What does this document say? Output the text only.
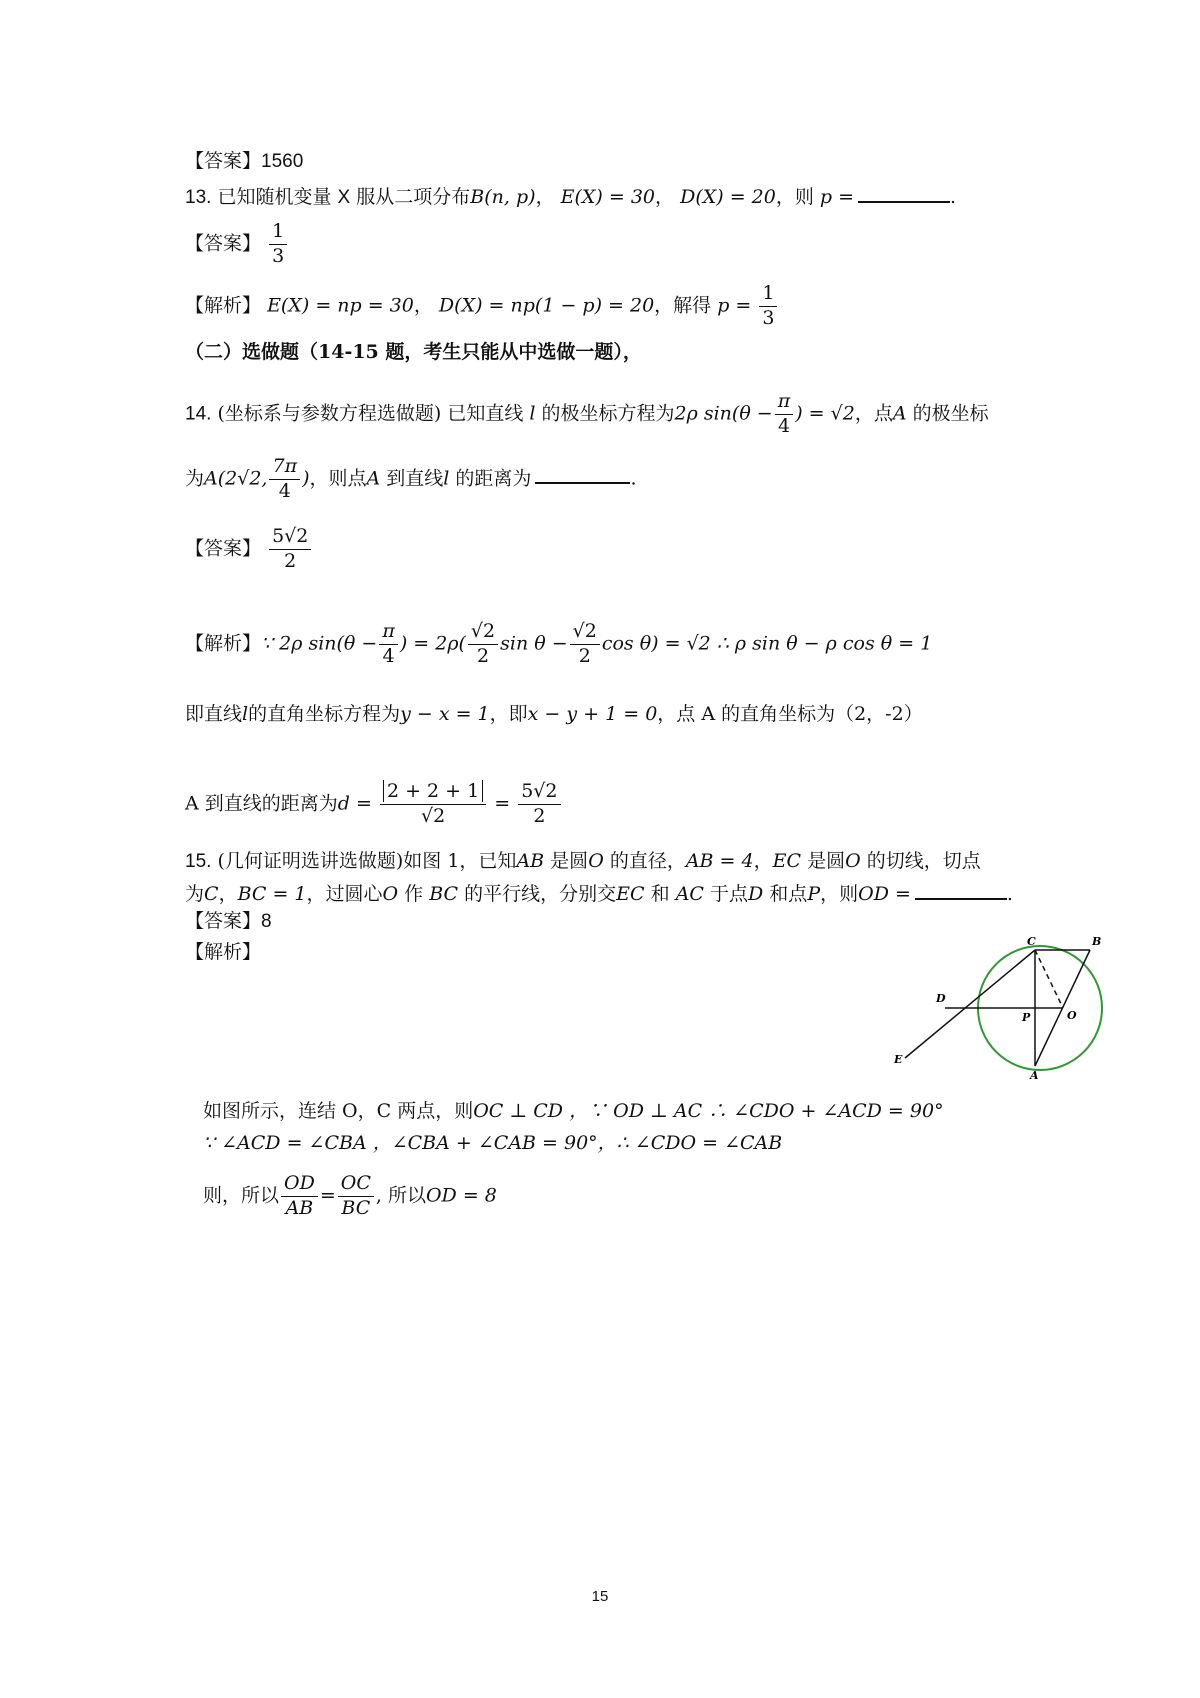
【答案】1560
13. 已知随机变量 X 服从二项分布B(n, p)， E(X) = 30， D(X) = 20，则 p =	.
【答案】 $\frac{1}{3}$
【解析】 E(X) = np = 30， D(X) = np(1 − p) = 20，解得 $p = \frac{1}{3}$
（二）选做题（14-15 题，考生只能从中选做一题），
14. (坐标系与参数方程选做题) 已知直线 l 的极坐标方程为2ρ $\sin(\theta - \frac{\pi}{4}$ ) = √2，点A 的极坐标
为A(2√2, $\frac{7\pi}{4}$ )，则点A 到直线l 的距离为	.
【答案】 $\frac{5√2}{2}$
【解析】∵ 2ρ $\sin(\theta - \frac{\pi}{4}$ ) = $2\rho( \frac{√2}{2}$ $\sin \theta - \frac{√2}{2}$ cos θ) = √2 ∴ ρ sin θ − ρ cos θ = 1
即直线l的直角坐标方程为y − x = 1，即x − y + 1 = 0，点 A 的直角坐标为（2，-2）
A 到直线的距离为$d = \frac{2 + 2 + 1}{√2} = \frac{5√2}{2}$
15. (几何证明选讲选做题)如图 1，已知AB 是圆O 的直径，AB = 4，EC 是圆O 的切线，切点
为C，BC = 1，过圆心O 作 BC 的平行线，分别交EC 和 AC 于点D 和点P，则OD =	.
【答案】8
【解析】	C	B
D
E
P	O
A
如图所示，连结 O，C 两点，则OC ⊥ CD ，∵ OD ⊥ AC ∴ ∠CDO + ∠ACD = 90°
∵ ∠ACD = ∠CBA ，∠CBA + ∠CAB = 90°，∴ ∠CDO = ∠CAB
则，所以 $\frac{OD}{AB} = \frac{OC}{BC}$ , 所以OD = 8
15
